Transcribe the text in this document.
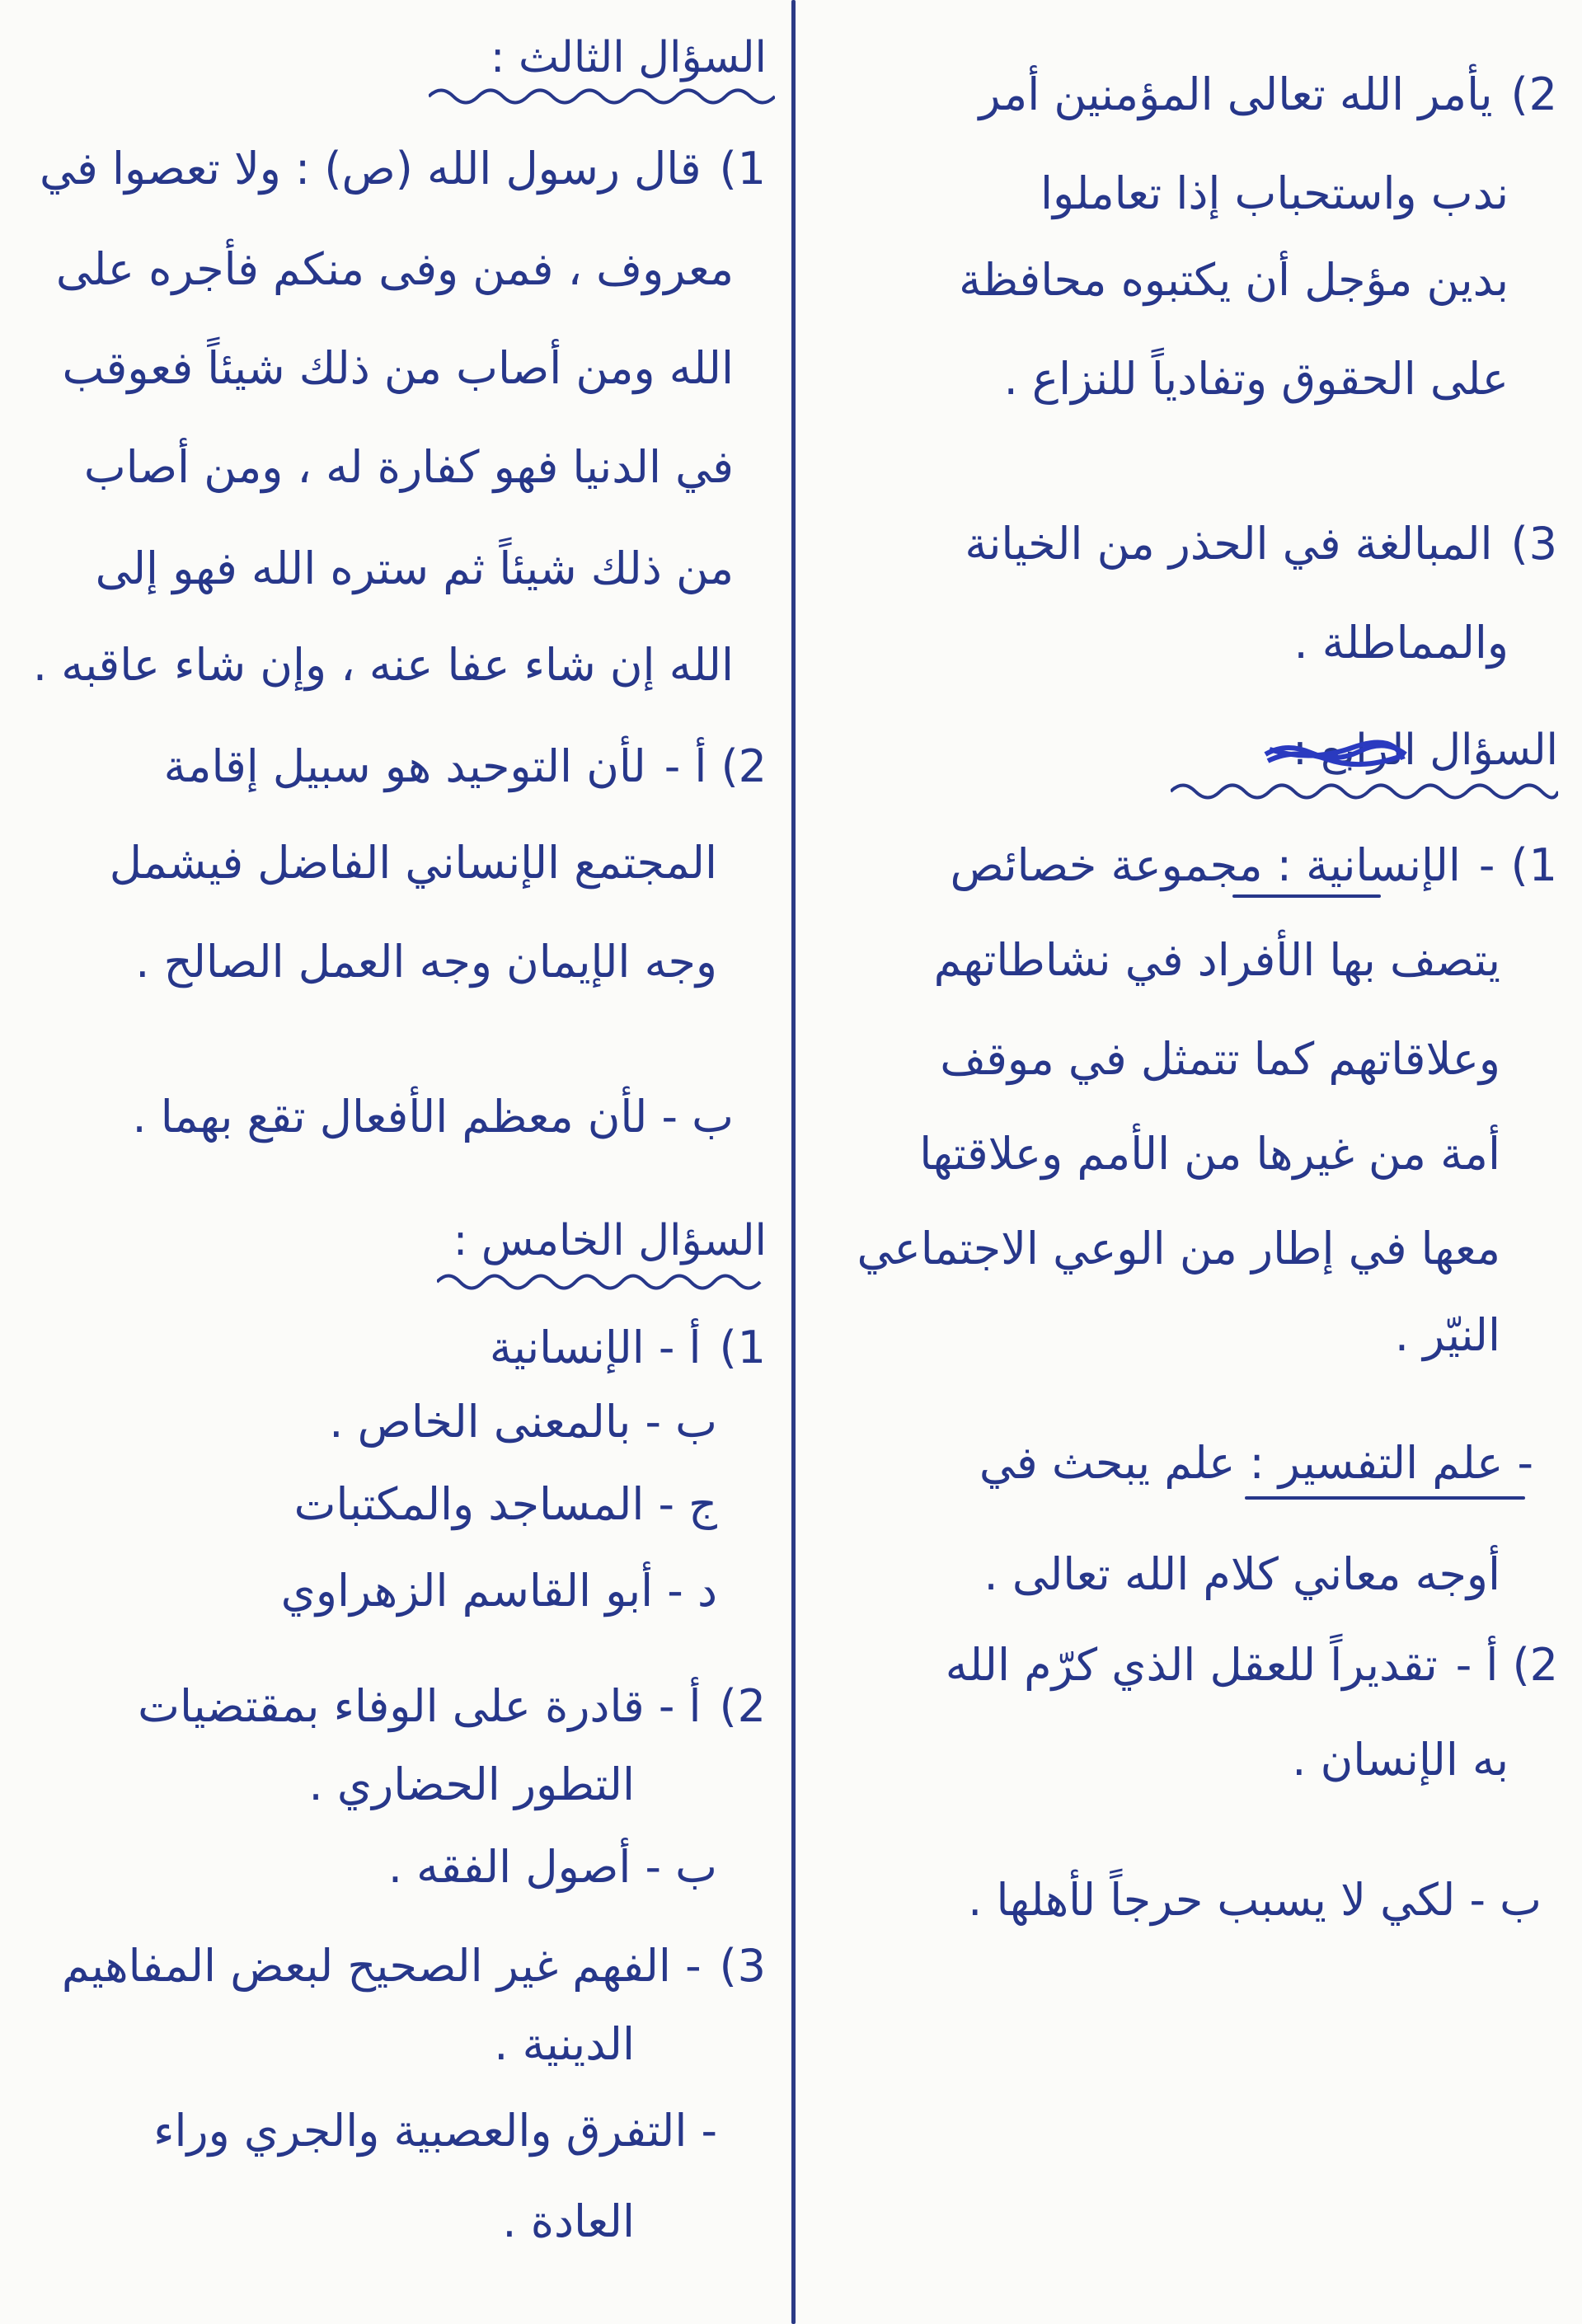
السؤال الثالث :
1)قال رسول الله (ص) : ولا تعصوا في
معروف ، فمن وفى منكم فأجره على
الله ومن أصاب من ذلك شيئاً فعوقب
في الدنيا فهو كفارة له ، ومن أصاب
من ذلك شيئاً ثم ستره الله فهو إلى
الله إن شاء عفا عنه ، وإن شاء عاقبه .
2) أ -لأن التوحيد هو سبيل إقامة
المجتمع الإنساني الفاضل فيشمل
وجه الإيمان وجه العمل الصالح .
ب - لأن معظم الأفعال تقع بهما .
السؤال الخامس :
1)أ - الإنسانية
ب - بالمعنى الخاص .
ج - المساجد والمكتبات
د - أبو القاسم الزهراوي
2)أ - قادرة على الوفاء بمقتضيات
التطور الحضاري .
ب - أصول الفقه .
3)- الفهم غير الصحيح لبعض المفاهيم
الدينية .
- التفرق والعصبية والجري وراء
العادة .
2)يأمر الله تعالى المؤمنين أمر
ندب واستحباب إذا تعاملوا
بدين مؤجل أن يكتبوه محافظة
على الحقوق وتفادياً للنزاع .
3)المبالغة في الحذر من الخيانة
والمماطلة .
السؤال الرابع :
1) -الإنسانية : مجموعة خصائص
يتصف بها الأفراد في نشاطاتهم
وعلاقاتهم كما تتمثل في موقف
أمة من غيرها من الأمم وعلاقتها
معها في إطار من الوعي الاجتماعي
النيّر .
- علم التفسير : علم يبحث في
أوجه معاني كلام الله تعالى .
2) أ -تقديراً للعقل الذي كرّم الله
به الإنسان .
ب - لكي لا يسبب حرجاً لأهلها .
